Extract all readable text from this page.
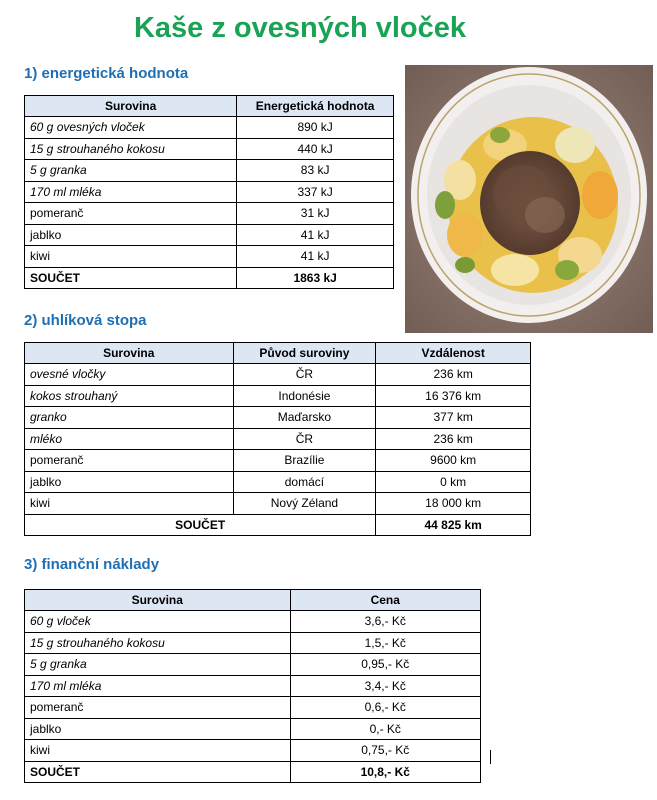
Kaše z ovesných vloček
1) energetická hodnota
Surovina	Energetická hodnota
60 g ovesných vloček	890 kJ
15 g strouhaného kokosu	440 kJ
5 g granka	83 kJ
170 ml mléka	337 kJ
pomeranč	31 kJ
jablko	41 kJ
kiwi	41 kJ
SOUČET	1863 kJ
2) uhlíková stopa
Surovina	Původ suroviny	Vzdálenost
ovesné vločky	ČR	236 km
kokos strouhaný	Indonésie	16 376 km
granko	Maďarsko	377 km
mléko	ČR	236 km
pomeranč	Brazílie	9600 km
jablko	domácí	0 km
kiwi	Nový Zéland	18 000 km
SOUČET		44 825 km
3) finanční náklady
Surovina	Cena
60 g vloček	3,6,- Kč
15 g strouhaného kokosu	1,5,- Kč
5 g granka	0,95,- Kč
170 ml mléka	3,4,- Kč
pomeranč	0,6,- Kč
jablko	0,- Kč
kiwi	0,75,- Kč
SOUČET	10,8,- Kč
